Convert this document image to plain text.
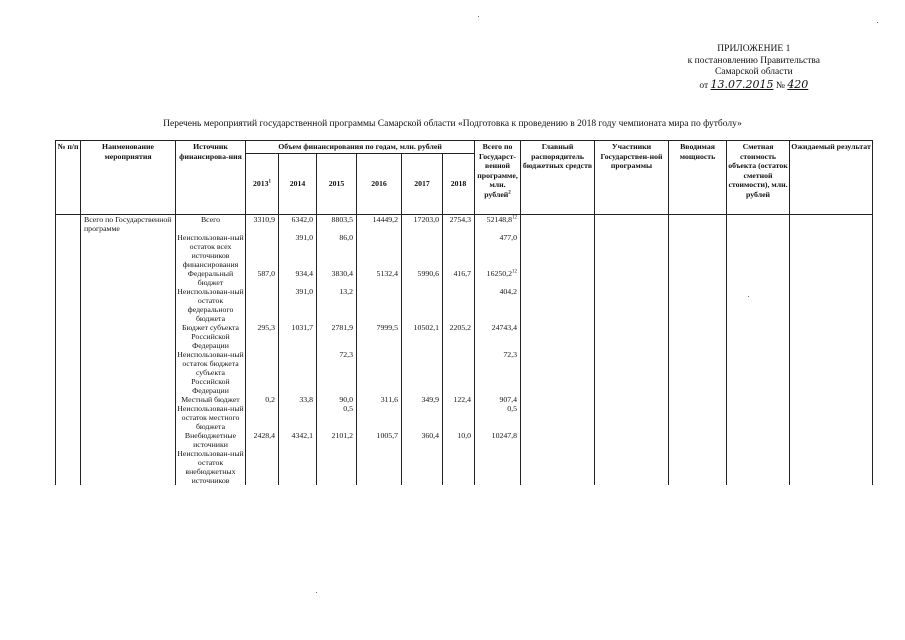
ПРИЛОЖЕНИЕ 1
к постановлению Правительства
Самарской области
от 13.07.2015 № 420
Перечень мероприятий государственной программы Самарской области «Подготовка к проведению в 2018 году чемпионата мира по футболу»
№ п/п	Наименование мероприятия	Источник финансирова-ния	Объем финансирования по годам, млн. рублей						Всего по Государст-венной программе, млн. рублей$^2$	Главный распорядитель бюджетных средств	Участники Государствен-ной программы	Вводимая мощность	Сметная стоимость объекта (остаток сметной стоимости), млн. рублей	Ожидаемый результат
			2013$^1$	2014	2015	2016	2017	2018						
	Всего по Государственной программе	Всего	3310,9	6342,0	8803,5	14449,2	17203,0	2754,3	52148,8$^{12}$					
		Неиспользован-ный остаток всех источников финансирования		391,0	86,0				477,0					
		Федеральный бюджет	587,0	934,4	3830,4	5132,4	5990,6	416,7	16250,2$^{12}$					
		Неиспользован-ный остаток федерального бюджета		391,0	13,2				404,2					
		Бюджет субъекта Российской Федерации	295,3	1031,7	2781,9	7999,5	10502,1	2205,2	24743,4					
		Неиспользован-ный остаток бюджета субъекта Российской Федерации			72,3				72,3					
		Местный бюджет	0,2	33,8	90,0	311,6	349,9	122,4	907,4					
		Неиспользован-ный остаток местного бюджета			0,5				0,5					
		Внебюджетные источники	2428,4	4342,1	2101,2	1005,7	360,4	10,0	10247,8					
		Неиспользован-ный остаток внебюджетных источников												
